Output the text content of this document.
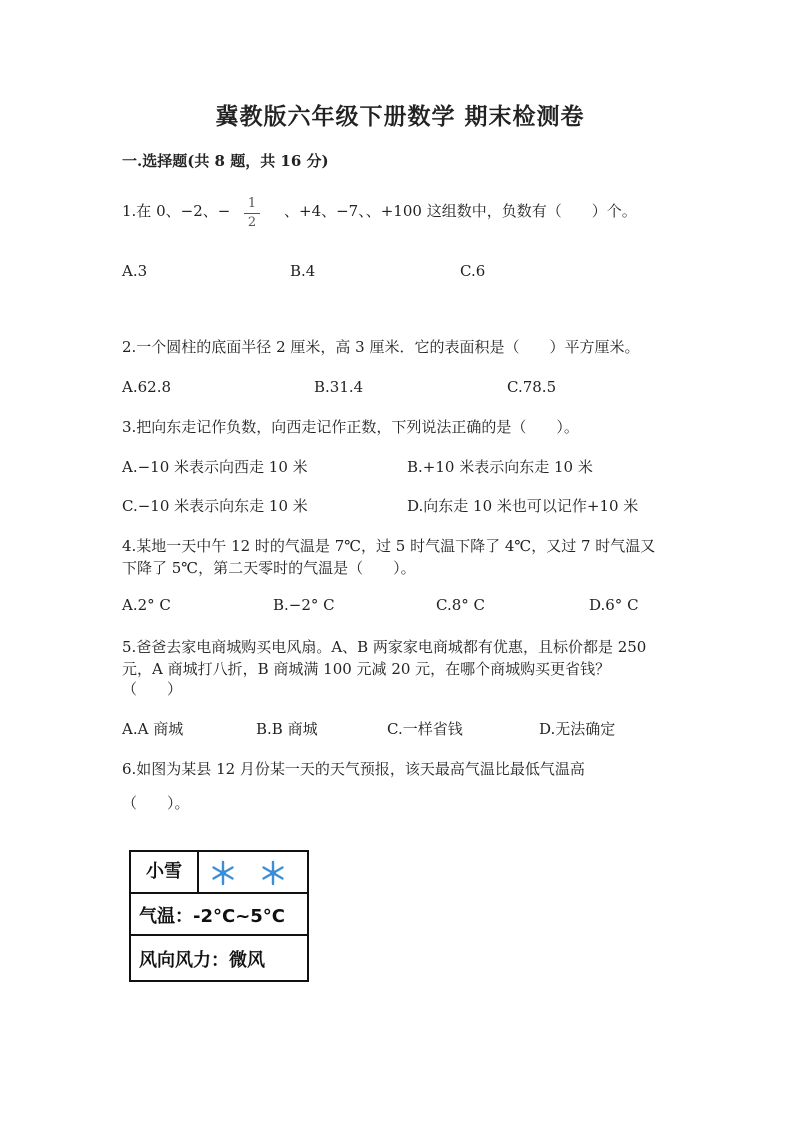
冀教版六年级下册数学 期末检测卷
一.选择题(共 8 题，共 16 分)
1.在 0、−2、− 1
2
、+4、−7、、+100 这组数中，负数有（　　）个。
A.3	B.4	C.6
2.一个圆柱的底面半径 2 厘米，高 3 厘米．它的表面积是（　　）平方厘米。
A.62.8	B.31.4	C.78.5
3.把向东走记作负数，向西走记作正数，下列说法正确的是（　　）。
A.−10 米表示向西走 10 米	B.+10 米表示向东走 10 米
C.−10 米表示向东走 10 米	D.向东走 10 米也可以记作+10 米
4.某地一天中午 12 时的气温是 7℃，过 5 时气温下降了 4℃，又过 7 时气温又
下降了 5℃，第二天零时的气温是（　　）。
A.2° C	B.−2° C	C.8° C	D.6° C
5.爸爸去家电商城购买电风扇。A、B 两家家电商城都有优惠，且标价都是 250
元，A 商城打八折，B 商城满 100 元减 20 元，在哪个商城购买更省钱？
（　　）
A.A 商城	B.B 商城	C.一样省钱	D.无法确定
6.如图为某县 12 月份某一天的天气预报，该天最高气温比最低气温高
（　　）。
小雪
气温：-2°C~5°C
风向风力：微风
